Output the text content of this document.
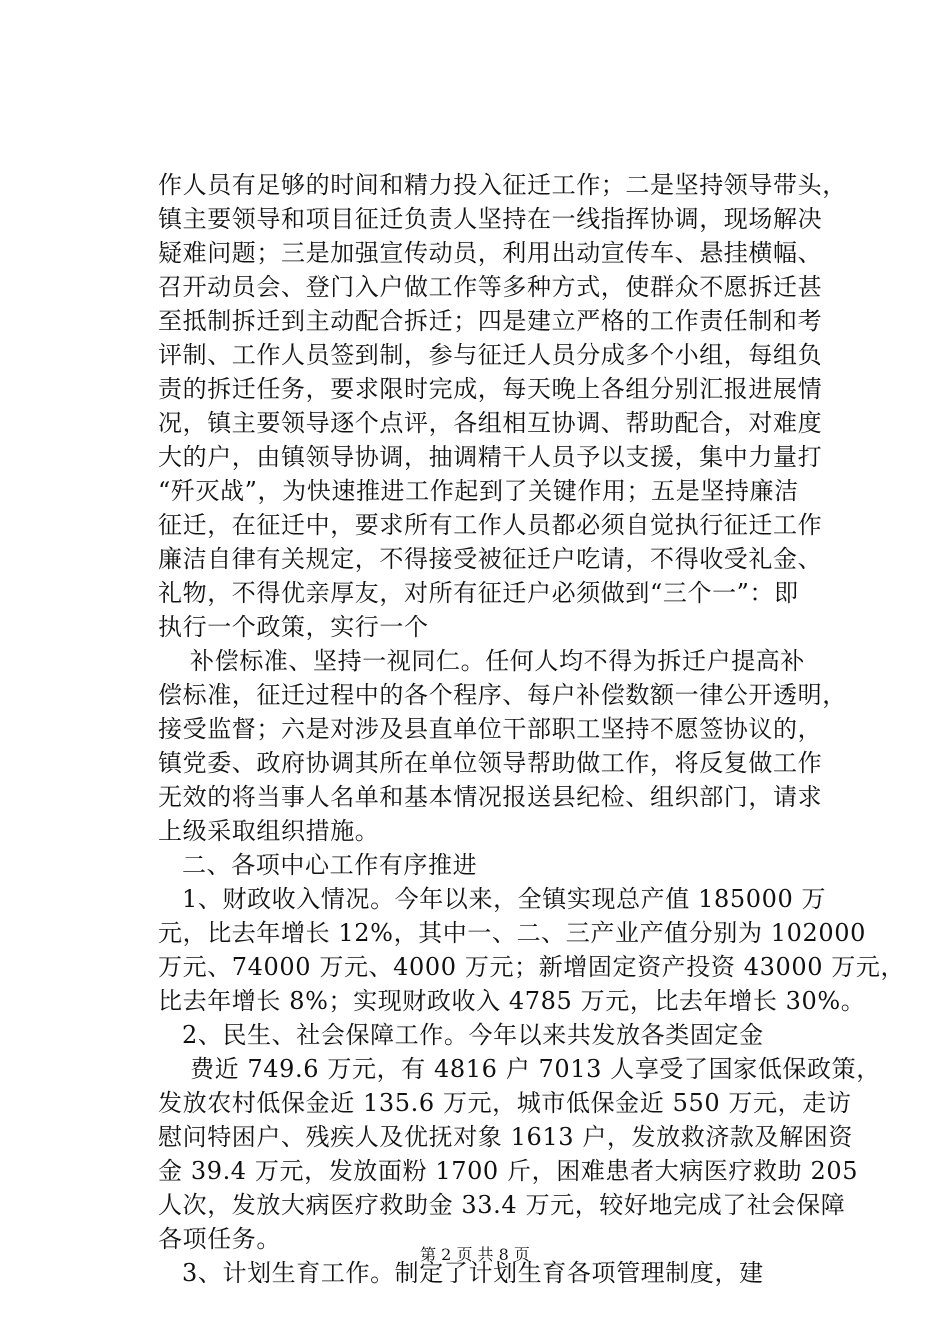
作人员有足够的时间和精力投入征迁工作；二是坚持领导带头，
镇主要领导和项目征迁负责人坚持在一线指挥协调，现场解决
疑难问题；三是加强宣传动员，利用出动宣传车、悬挂横幅、
召开动员会、登门入户做工作等多种方式，使群众不愿拆迁甚
至抵制拆迁到主动配合拆迁；四是建立严格的工作责任制和考
评制、工作人员签到制，参与征迁人员分成多个小组，每组负
责的拆迁任务，要求限时完成，每天晚上各组分别汇报进展情
况，镇主要领导逐个点评，各组相互协调、帮助配合，对难度
大的户，由镇领导协调，抽调精干人员予以支援，集中力量打
“歼灭战”，为快速推进工作起到了关键作用；五是坚持廉洁
征迁，在征迁中，要求所有工作人员都必须自觉执行征迁工作
廉洁自律有关规定，不得接受被征迁户吃请，不得收受礼金、
礼物，不得优亲厚友，对所有征迁户必须做到“三个一”：即
执行一个政策，实行一个
补偿标准、坚持一视同仁。任何人均不得为拆迁户提高补
偿标准，征迁过程中的各个程序、每户补偿数额一律公开透明，
接受监督；六是对涉及县直单位干部职工坚持不愿签协议的，
镇党委、政府协调其所在单位领导帮助做工作，将反复做工作
无效的将当事人名单和基本情况报送县纪检、组织部门，请求
上级采取组织措施。
二、各项中心工作有序推进
1、财政收入情况。今年以来，全镇实现总产值 185000 万
元，比去年增长 12%，其中一、二、三产业产值分别为 102000
万元、74000 万元、4000 万元；新增固定资产投资 43000 万元，
比去年增长 8%；实现财政收入 4785 万元，比去年增长 30%。
2、民生、社会保障工作。今年以来共发放各类固定金
费近 749.6 万元，有 4816 户 7013 人享受了国家低保政策，
发放农村低保金近 135.6 万元，城市低保金近 550 万元，走访
慰问特困户、残疾人及优抚对象 1613 户，发放救济款及解困资
金 39.4 万元，发放面粉 1700 斤，困难患者大病医疗救助 205
人次，发放大病医疗救助金 33.4 万元，较好地完成了社会保障
各项任务。
3、计划生育工作。制定了计划生育各项管理制度，建
第 2 页 共 8 页
